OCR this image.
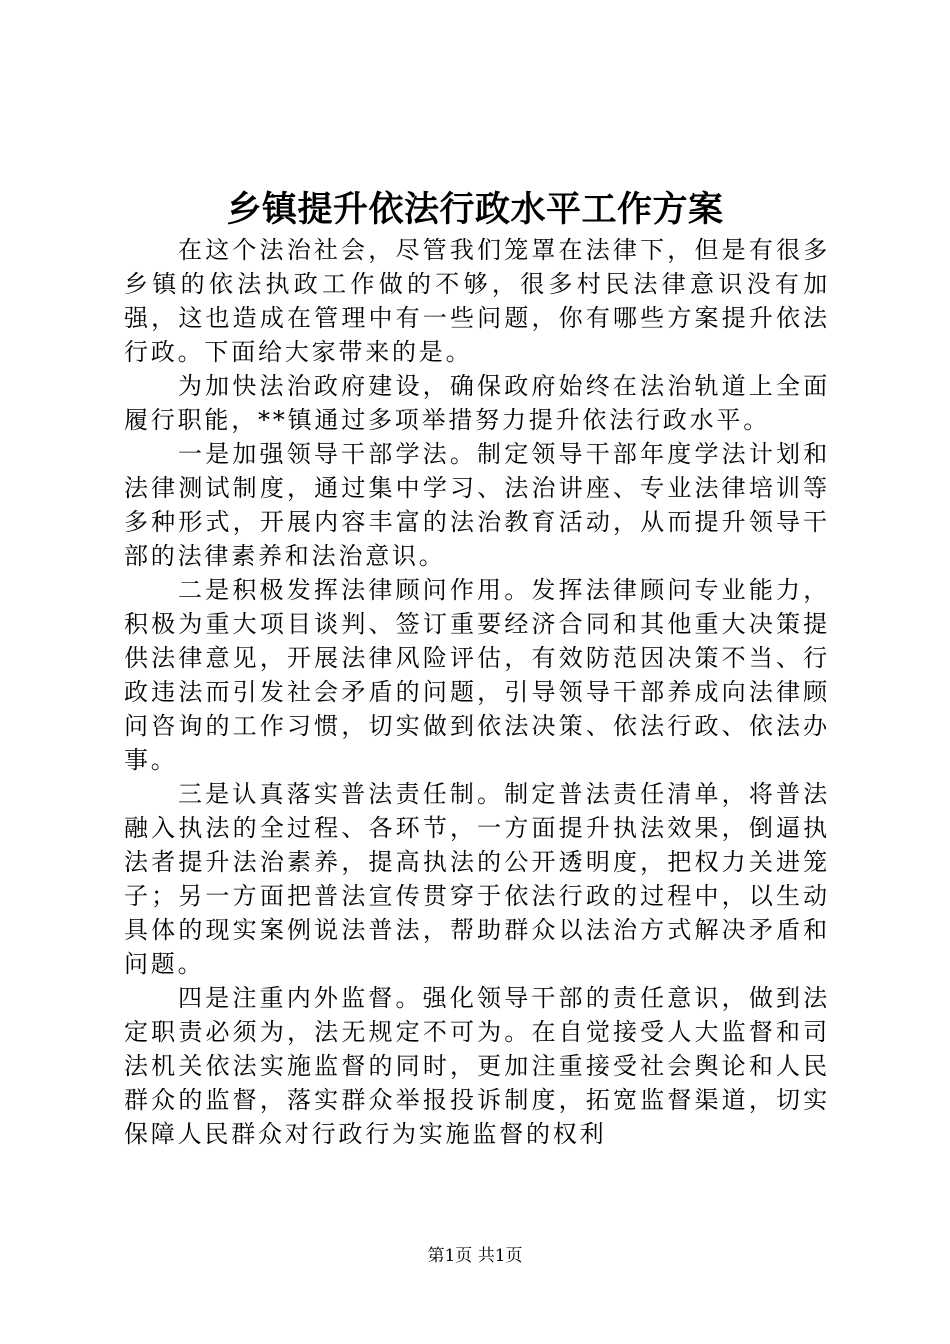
乡镇提升依法行政水平工作方案

在这个法治社会，尽管我们笼罩在法律下，但是有很多乡镇的依法执政工作做的不够，很多村民法律意识没有加强，这也造成在管理中有一些问题，你有哪些方案提升依法行政。下面给大家带来的是。

为加快法治政府建设，确保政府始终在法治轨道上全面履行职能，**镇通过多项举措努力提升依法行政水平。

一是加强领导干部学法。制定领导干部年度学法计划和法律测试制度，通过集中学习、法治讲座、专业法律培训等多种形式，开展内容丰富的法治教育活动，从而提升领导干部的法律素养和法治意识。

二是积极发挥法律顾问作用。发挥法律顾问专业能力，积极为重大项目谈判、签订重要经济合同和其他重大决策提供法律意见，开展法律风险评估，有效防范因决策不当、行政违法而引发社会矛盾的问题，引导领导干部养成向法律顾问咨询的工作习惯，切实做到依法决策、依法行政、依法办事。

三是认真落实普法责任制。制定普法责任清单，将普法融入执法的全过程、各环节，一方面提升执法效果，倒逼执法者提升法治素养，提高执法的公开透明度，把权力关进笼子；另一方面把普法宣传贯穿于依法行政的过程中，以生动具体的现实案例说法普法，帮助群众以法治方式解决矛盾和问题。

四是注重内外监督。强化领导干部的责任意识，做到法定职责必须为，法无规定不可为。在自觉接受人大监督和司法机关依法实施监督的同时，更加注重接受社会舆论和人民群众的监督，落实群众举报投诉制度，拓宽监督渠道，切实保障人民群众对行政行为实施监督的权利

第1页 共1页
